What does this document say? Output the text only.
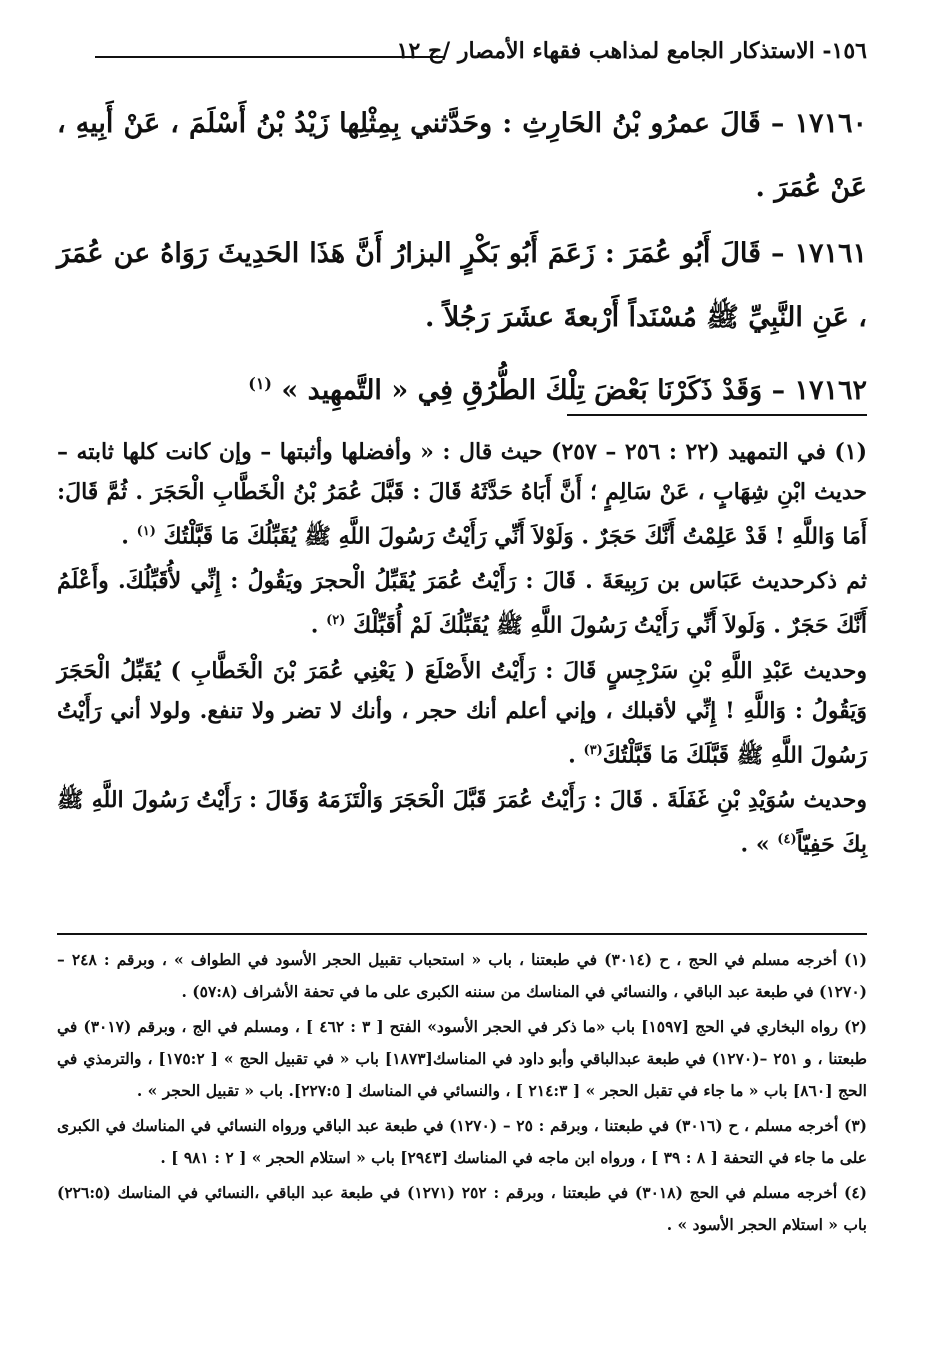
١٥٦- الاستذكار الجامع لمذاهب فقهاء الأمصار /ج ١٢

١٧١٦٠ – قَالَ عمرُو بْنُ الحَارِثِ : وحَدَّثني بِمِثْلِها زَيْدُ بْنُ أَسْلَمَ ، عَنْ أَبِيهِ ، عَنْ عُمَرَ .

١٧١٦١ – قَالَ أَبُو عُمَرَ : زَعَمَ أَبُو بَكْرٍ البزارُ أَنَّ هَذَا الحَدِيثَ رَوَاهُ عن عُمَرَ ، عَنِ النَّبِيِّ ﷺ مُسْنَداً أَرْبعةَ عشَرَ رَجُلاً .

١٧١٦٢ – وَقَدْ ذَكَرْنَا بَعْضَ تِلْكَ الطُّرُقِ فِي « التَّمهِيد » $^{(١)}$

(١) في التمهيد (٢٢ : ٢٥٦ – ٢٥٧) حيث قال : « وأفضلها وأثبتها – وإن كانت كلها ثابته – حديث ابْنِ شِهَابٍ ، عَنْ سَالِمٍ ؛ أَنَّ أَبَاهُ حَدَّثَهُ قَالَ : قَبَّلَ عُمَرُ بْنُ الْخَطَّابِ الْحَجَرَ . ثُمَّ قَالَ: أَمَا وَاللَّهِ ! قَدْ عَلِمْتُ أَنَّكَ حَجَرٌ . وَلَوْلاَ أَنِّي رَأَيْتُ رَسُولَ اللَّهِ ﷺ يُقَبِّلُكَ مَا قَبَّلْتُكَ $^{(١)}$ .

ثم ذكرحديث عَبَاس بن رَبِيعَةَ . قَالَ : رَأَيْتُ عُمَرَ يُقَبِّلُ الْحجرَ ويَقُولُ : إِنِّي لأُقَبِّلُكَ. وأَعْلَمُ أَنَّكَ حَجَرٌ . وَلَولاَ أَنِّي رَأَيْتُ رَسُولَ اللَّهِ ﷺ يُقَبِّلُكَ لَمْ أُقَبِّلْكَ $^{(٢)}$ .

وحديث عَبْدِ اللَّهِ بْنِ سَرْجِسٍ قَالَ : رَأَيْتُ الأَصْلَعَ ( يَعْنِي عُمَرَ بْنَ الْخَطَّابِ ) يُقَبِّلُ الْحَجَرَ وَيَقُولُ : وَاللَّهِ ! إِنِّي لأقبلك ، وإني أعلم أنك حجر ، وأنك لا تضر ولا تنفع. ولولا أني رَأَيْتُ رَسُولَ اللَّهِ ﷺ قَبَّلَكَ مَا قَبَّلْتُكَ$^{(٣)}$ .

وحديث سُوَيْدِ بْنِ غَفَلَةَ . قَالَ : رَأَيْتُ عُمَرَ قَبَّلَ الْحَجَرَ وَالْتَزَمَهُ وَقَالَ : رَأَيْتُ رَسُولَ اللَّهِ ﷺ بِكَ حَفِيّاً$^{(٤)}$ » .

(١) أخرجه مسلم في الحج ، ح (٣٠١٤) في طبعتنا ، باب « استحباب تقبيل الحجر الأسود في الطواف » ، وبرقم : ٢٤٨ – (١٢٧٠) في طبعة عبد الباقي ، والنسائي في المناسك من سننه الكبرى على ما في تحفة الأشراف (٥٧:٨) .

(٢) رواه البخاري في الحج [١٥٩٧] باب «ما ذكر في الحجر الأسود» الفتح [ ٣ : ٤٦٢ ] ، ومسلم في الج ، وبرقم (٣٠١٧) في طبعتنا ، و ٢٥١ –(١٢٧٠) في طبعة عبدالباقي وأبو داود في المناسك[١٨٧٣] باب « في تقبيل الحج » [ ١٧٥:٢] ، والترمذي في الحج [٨٦٠] باب « ما جاء في تقبل الحجر » [ ٢١٤:٣ ] ، والنسائي في المناسك [ ٢٢٧:٥]. باب « تقبيل الحجر » .

(٣) أخرجه مسلم ، ح (٣٠١٦) في طبعتنا ، وبرقم : ٢٥ – (١٢٧٠) في طبعة عبد الباقي ورواه النسائي في المناسك في الكبرى على ما جاء في التحفة [ ٨ : ٣٩ ] ، ورواه ابن ماجه في المناسك [٢٩٤٣] باب « استلام الحجر » [ ٢ : ٩٨١ ] .

(٤) أخرجه مسلم في الحج (٣٠١٨) في طبعتنا ، وبرقم : ٢٥٢ (١٢٧١) في طبعة عبد الباقي ،النسائي في المناسك (٢٢٦:٥) باب « استلام الحجر الأسود » .
